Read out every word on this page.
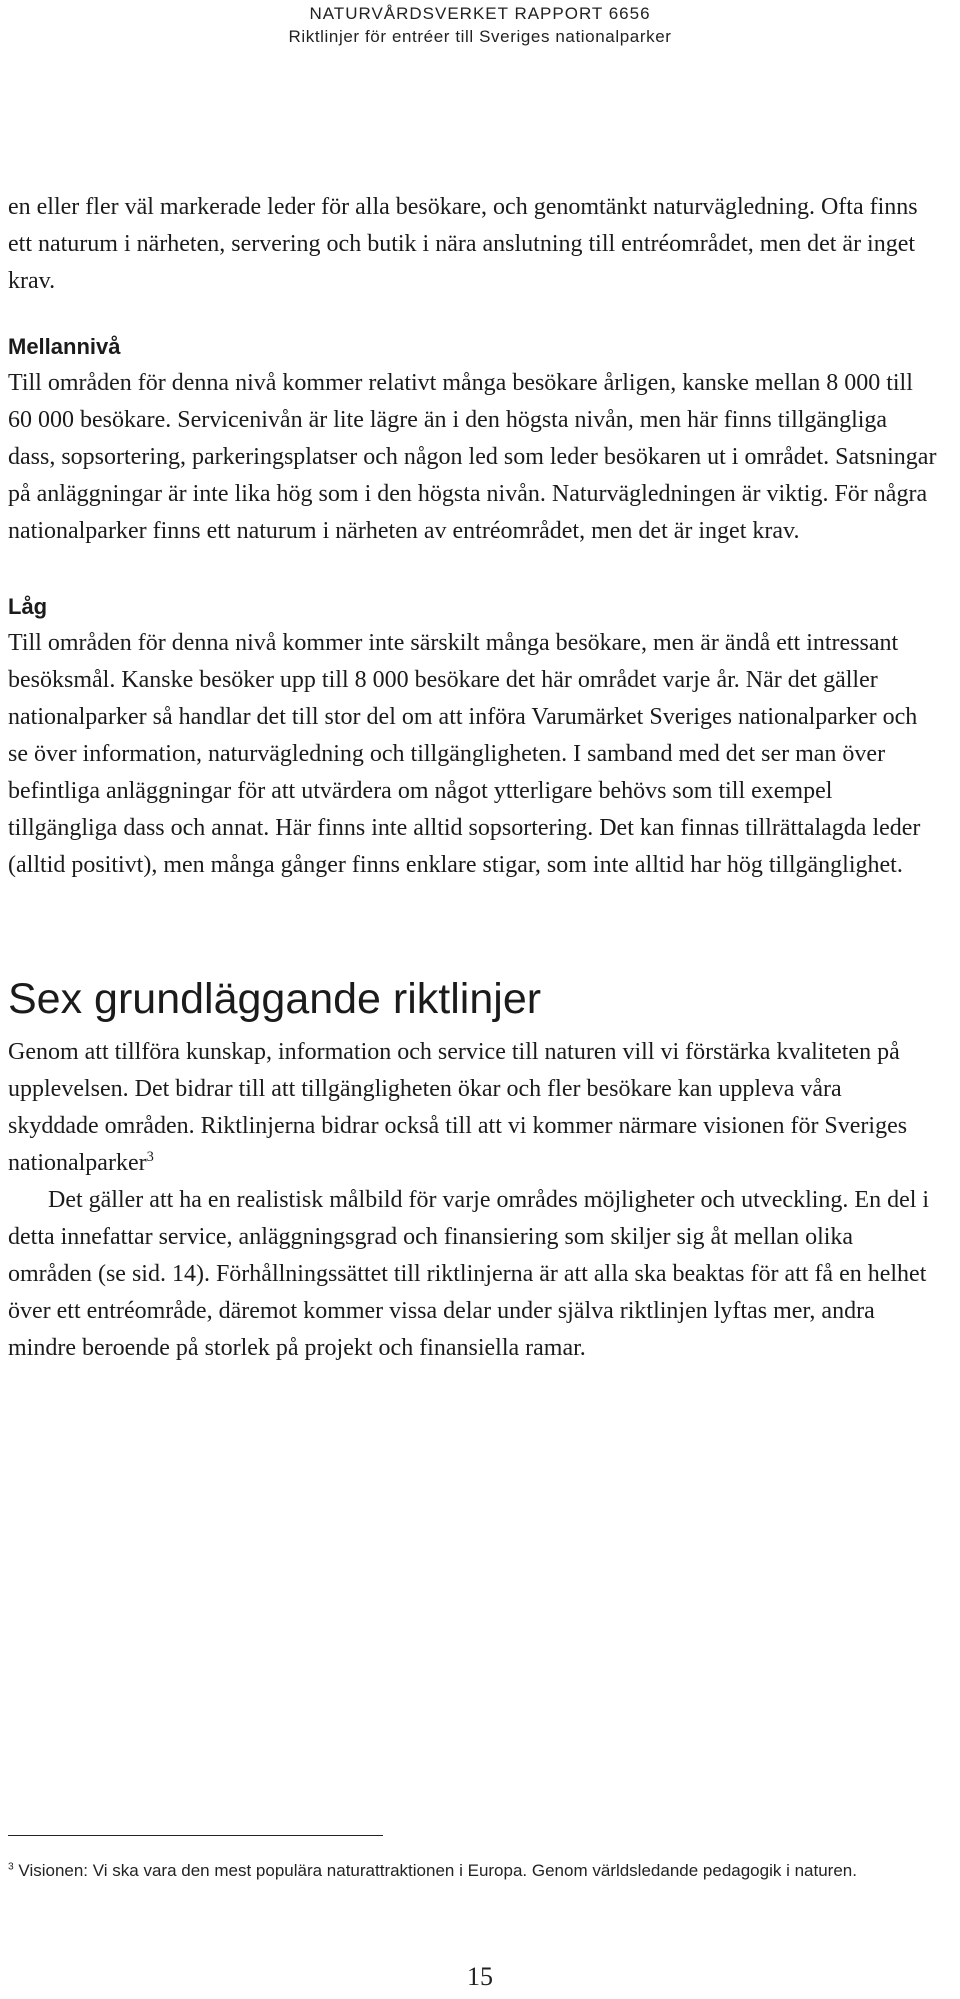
NATURVÅRDSVERKET RAPPORT 6656
Riktlinjer för entréer till Sveriges nationalparker

en eller fler väl markerade leder för alla besökare, och genomtänkt naturvägledning. Ofta finns ett naturum i närheten, servering och butik i nära anslutning till entréområdet, men det är inget krav.

Mellannivå

Till områden för denna nivå kommer relativt många besökare årligen, kanske mellan 8 000 till 60 000 besökare. Servicenivån är lite lägre än i den högsta nivån, men här finns tillgängliga dass, sopsortering, parkeringsplatser och någon led som leder besökaren ut i området. Satsningar på anläggningar är inte lika hög som i den högsta nivån. Naturvägledningen är viktig. För några nationalparker finns ett naturum i närheten av entréområdet, men det är inget krav.

Låg

Till områden för denna nivå kommer inte särskilt många besökare, men är ändå ett intressant besöksmål. Kanske besöker upp till 8 000 besökare det här området varje år. När det gäller nationalparker så handlar det till stor del om att införa Varumärket Sveriges nationalparker och se över information, naturvägledning och tillgängligheten. I samband med det ser man över befintliga anläggningar för att utvärdera om något ytterligare behövs som till exempel tillgängliga dass och annat. Här finns inte alltid sopsortering. Det kan finnas tillrättalagda leder (alltid positivt), men många gånger finns enklare stigar, som inte alltid har hög tillgänglighet.

Sex grundläggande riktlinjer

Genom att tillföra kunskap, information och service till naturen vill vi förstärka kvaliteten på upplevelsen. Det bidrar till att tillgängligheten ökar och fler besökare kan uppleva våra skyddade områden. Riktlinjerna bidrar också till att vi kommer närmare visionen för Sveriges nationalparker$^3$

Det gäller att ha en realistisk målbild för varje områdes möjligheter och utveckling. En del i detta innefattar service, anläggningsgrad och finansiering som skiljer sig åt mellan olika områden (se sid. 14). Förhållningssättet till riktlinjerna är att alla ska beaktas för att få en helhet över ett entréområde, däremot kommer vissa delar under själva riktlinjen lyftas mer, andra mindre beroende på storlek på projekt och finansiella ramar.

$^3$ Visionen: Vi ska vara den mest populära naturattraktionen i Europa. Genom världsledande pedagogik i naturen.
15
